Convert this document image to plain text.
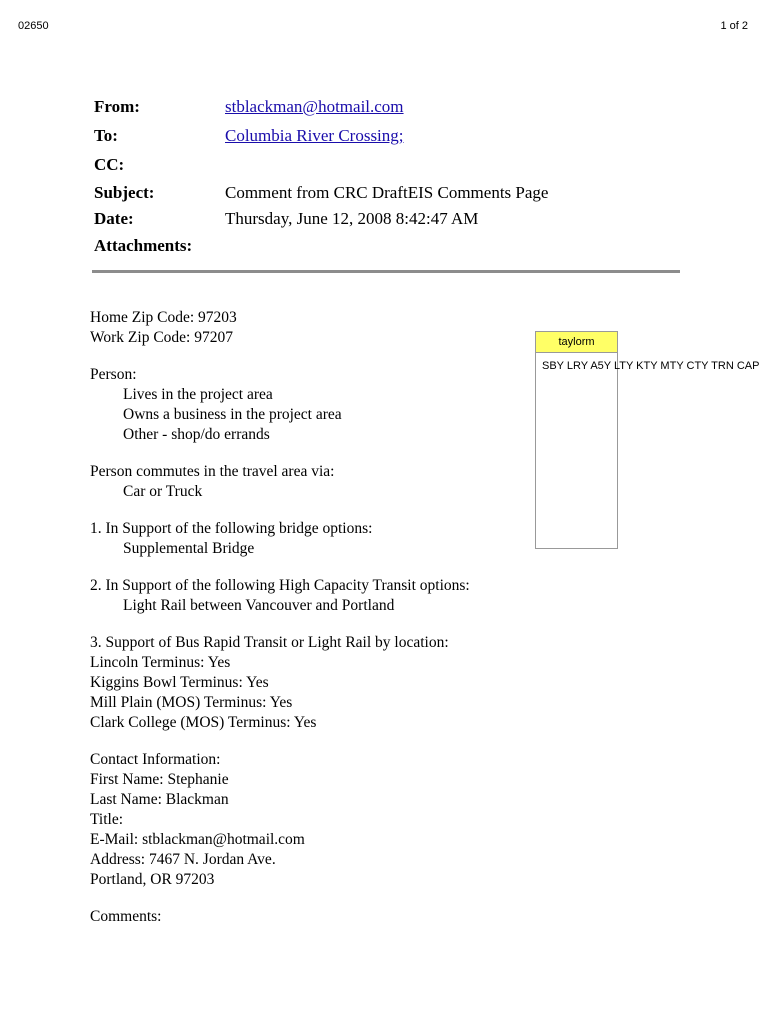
02650	1 of 2
From:	stblackman@hotmail.com
To:	Columbia River Crossing;
CC:
Subject:	Comment from CRC DraftEIS Comments Page
Date:	Thursday, June 12, 2008 8:42:47 AM
Attachments:
Home Zip Code: 97203
Work Zip Code: 97207
Person:
Lives in the project area
Owns a business in the project area
Other - shop/do errands
Person commutes in the travel area via:
Car or Truck
1. In Support of the following bridge options:
Supplemental Bridge
2. In Support of the following High Capacity Transit options:
Light Rail between Vancouver and Portland
3. Support of Bus Rapid Transit or Light Rail by location:
Lincoln Terminus: Yes
Kiggins Bowl Terminus: Yes
Mill Plain (MOS) Terminus: Yes
Clark College (MOS) Terminus: Yes
Contact Information:
First Name: Stephanie
Last Name: Blackman
Title:
E-Mail: stblackman@hotmail.com
Address: 7467 N. Jordan Ave.
Portland, OR 97203
Comments:
taylorm
SBY LRY A5Y LTY KTY MTY CTY TRN CAP
